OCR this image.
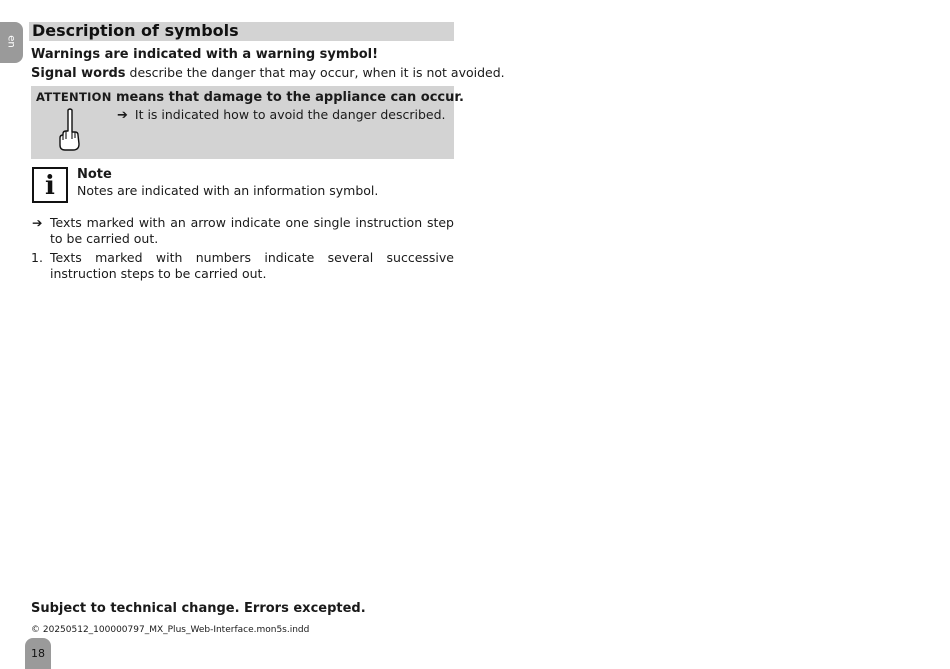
en
Description of symbols
Warnings are indicated with a warning symbol!
Signal words describe the danger that may occur, when it is not avoided.
ATTENTION means that damage to the appliance can occur.
➔ It is indicated how to avoid the danger described.
i	Note
Notes are indicated with an information symbol.
➔ Texts marked with an arrow indicate one single instruction step to be carried out.
1. Texts marked with numbers indicate several successive instruction steps to be carried out.
Subject to technical change. Errors excepted.
© 20250512_100000797_MX_Plus_Web-Interface.mon5s.indd
18
